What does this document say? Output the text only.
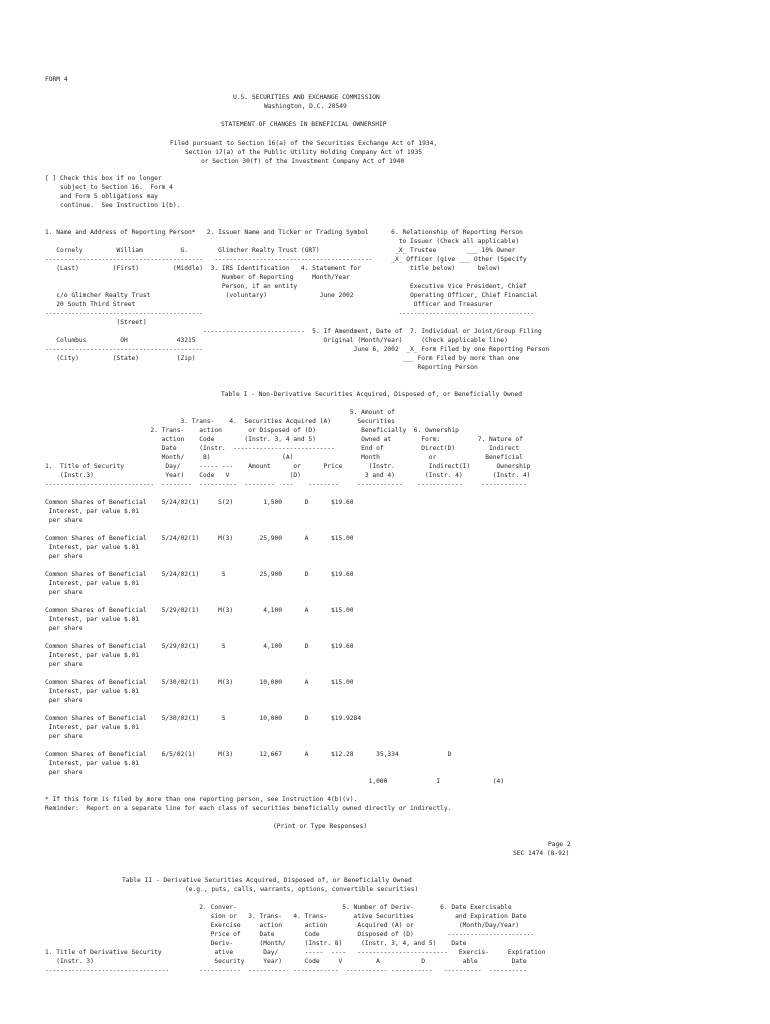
FORM 4
U.S. SECURITIES AND EXCHANGE COMMISSION
Washington, D.C. 20549
STATEMENT OF CHANGES IN BENEFICIAL OWNERSHIP
Filed pursuant to Section 16(a) of the Securities Exchange Act of 1934,
Section 17(a) of the Public Utility Holding Company Act of 1935
or Section 30(f) of the Investment Company Act of 1940
[ ] Check this box if no longer
subject to Section 16.  Form 4
and Form 5 obligations may
continue.  See Instruction 1(b).
1. Name and Address of Reporting Person*   2. Issuer Name and Ticker or Trading Symbol      6. Relationship of Reporting Person
to Issuer (Check all applicable)
Cornely         William          G.        Glimcher Realty Trust (GRT)                    _X_ Trustee        ___ 10% Owner
------------------------------------------   ------------------------------------------     _X_ Officer (give ___ Other (Specify
(Last)         (First)         (Middle)  3. IRS Identification   4. Statement for             title below)      below)
Number of Reporting     Month/Year
Person, if an entity                              Executive Vice President, Chief
c/o Glimcher Realty Trust                    (voluntary)              June 2002               Operating Officer, Chief Financial
20 South Third Street                                                                          Officer and Treasurer
------------------------------------------                                                    ------------------------------------
(Street)
---------------------------  5. If Amendment, Date of  7. Individual or Joint/Group Filing
Columbus         OH             43215                                  Original (Month/Year)     (Check applicable line)
------------------------------------------                                        June 6, 2002  _X_ Form Filed by one Reporting Person
(City)         (State)          (Zip)                                                       ___ Form Filed by more than one
Reporting Person
Table I - Non-Derivative Securities Acquired, Disposed of, or Beneficially Owned
5. Amount of
3. Trans-    4.  Securities Acquired (A)       Securities
2. Trans-    action       or Disposed of (D)            Beneficially  6. Ownership
action    Code        (Instr. 3, 4 and 5)            Owned at        Form:          7. Nature of
Date      (Instr.  ---------------------------       End of          Direct(D)         Indirect
Month/     8)                   (A)                  Month             or             Beneficial
1.  Title of Security           Day/     ----- ---    Amount      or      Price       (Instr.         Indirect(I)       Ownership
(Instr.3)                   Year)    Code   V                (D)                 3 and 4)        (Instr. 4)        (Instr. 4)
-----------------------------  --------  ----------  --------  ---    --------     ------------    ------------     ------------
Common Shares of Beneficial    5/24/02(1)     S(2)        1,500      D      $19.60
Interest, par value $.01
per share
Common Shares of Beneficial    5/24/02(1)     M(3)       25,900      A      $15.00
Interest, par value $.01
per share
Common Shares of Beneficial    5/24/02(1)      S         25,900      D      $19.60
Interest, par value $.01
per share
Common Shares of Beneficial    5/29/02(1)     M(3)        4,100      A      $15.00
Interest, par value $.01
per share
Common Shares of Beneficial    5/29/02(1)      S          4,100      D      $19.60
Interest, par value $.01
per share
Common Shares of Beneficial    5/30/02(1)     M(3)       10,000      A      $15.00
Interest, par value $.01
per share
Common Shares of Beneficial    5/30/02(1)      S         10,000      D      $19.9284
Interest, par value $.01
per share
Common Shares of Beneficial    6/5/02(1)      M(3)       12,667      A      $12.28      35,334             D
Interest, par value $.01
per share
1,000             I              (4)
* If this form is filed by more than one reporting person, see Instruction 4(b)(v).
Reminder:  Report on a separate line for each class of securities beneficially owned directly or indirectly.
(Print or Type Responses)
Page 2
SEC 1474 (8-92)
Table II - Derivative Securities Acquired, Disposed of, or Beneficially Owned
(e.g., puts, calls, warrants, options, convertible securities)
2. Conver-                            5. Number of Deriv-       6. Date Exercisable
sion or   3. Trans-   4. Trans-       ative Securities           and Expiration Date
Exercise     action      action        Acquired (A) or            (Month/Day/Year)
Price of     Date        Code          Disposed of (D)         -----------------------
Deriv-       (Month/     (Instr. 8)     (Instr. 3, 4, and 5)    Date
1. Title of Derivative Security              ative        Day/       -----  ----   ------------------------   Exercis-     Expiration
(Instr. 3)                                Security     Year)      Code     V         A           D          able         Date
---------------------------------        -----------  ----------  ------------  ----------- -----------   ----------  ----------
